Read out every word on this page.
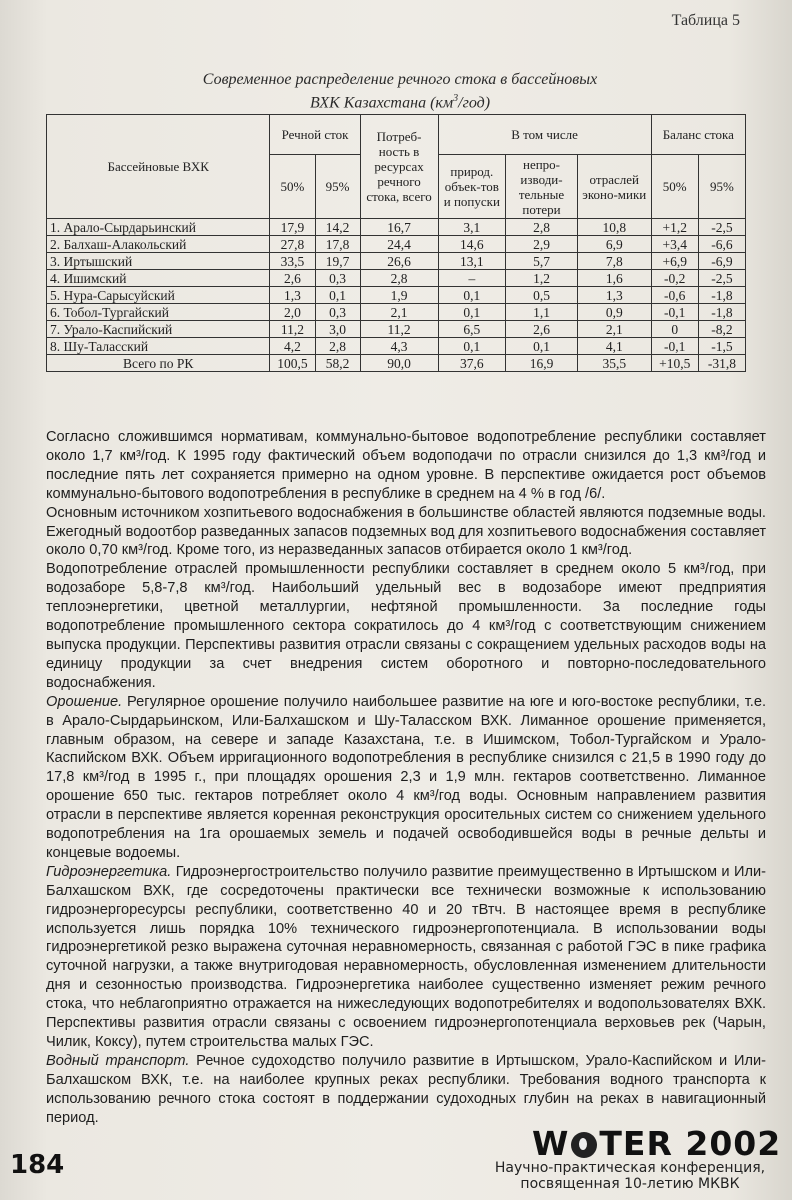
Таблица 5
Современное распределение речного стока в бассейновых
ВХК Казахстана $(км^3/год)$
Бассейновые ВХК	Речной сток		Потреб-ность в ресурсах речного стока, всего	В том числе			Баланс стока	
	50%	95%		природ. объек-тов и попуски	непро-изводи-тельные потери	отраслей эконо-мики	50%	95%
1. Арало-Сырдарьинский	17,9	14,2	16,7	3,1	2,8	10,8	+1,2	-2,5
2. Балхаш-Алакольский	27,8	17,8	24,4	14,6	2,9	6,9	+3,4	-6,6
3. Иртышский	33,5	19,7	26,6	13,1	5,7	7,8	+6,9	-6,9
4. Ишимский	2,6	0,3	2,8	–	1,2	1,6	-0,2	-2,5
5. Нура-Сарысуйский	1,3	0,1	1,9	0,1	0,5	1,3	-0,6	-1,8
6. Тобол-Тургайский	2,0	0,3	2,1	0,1	1,1	0,9	-0,1	-1,8
7. Урало-Каспийский	11,2	3,0	11,2	6,5	2,6	2,1	0	-8,2
8. Шу-Таласский	4,2	2,8	4,3	0,1	0,1	4,1	-0,1	-1,5
Всего по РК	100,5	58,2	90,0	37,6	16,9	35,5	+10,5	-31,8

Согласно сложившимся нормативам, коммунально-бытовое водопотребление республики составляет около 1,7 км³/год. К 1995 году фактический объем водоподачи по отрасли снизился до 1,3 км³/год и последние пять лет сохраняется примерно на одном уровне. В перспективе ожидается рост объемов коммунально-бытового водопотребления в республике в среднем на 4 % в год /6/.

Основным источником хозпитьевого водоснабжения в большинстве областей являются подземные воды. Ежегодный водоотбор разведанных запасов подземных вод для хозпитьевого водоснабжения составляет около 0,70 км³/год. Кроме того, из неразведанных запасов отбирается около 1 км³/год.

Водопотребление отраслей промышленности республики составляет в среднем около 5 км³/год, при водозаборе 5,8-7,8 км³/год. Наибольший удельный вес в водозаборе имеют предприятия теплоэнергетики, цветной металлургии, нефтяной промышленности. За последние годы водопотребление промышленного сектора сократилось до 4 км³/год с соответствующим снижением выпуска продукции. Перспективы развития отрасли связаны с сокращением удельных расходов воды на единицу продукции за счет внедрения систем оборотного и повторно-последовательного водоснабжения.

Орошение. Регулярное орошение получило наибольшее развитие на юге и юго-востоке республики, т.е. в Арало-Сырдарьинском, Или-Балхашском и Шу-Таласском ВХК. Лиманное орошение применяется, главным образом, на севере и западе Казахстана, т.е. в Ишимском, Тобол-Тургайском и Урало-Каспийском ВХК. Объем ирригационного водопотребления в республике снизился с 21,5 в 1990 году до 17,8 км³/год в 1995 г., при площадях орошения 2,3 и 1,9 млн. гектаров соответственно. Лиманное орошение 650 тыс. гектаров потребляет около 4 км³/год воды. Основным направлением развития отрасли в перспективе является коренная реконструкция оросительных систем со снижением удельного водопотребления на 1га орошаемых земель и подачей освободившейся воды в речные дельты и концевые водоемы.

Гидроэнергетика. Гидроэнергостроительство получило развитие преимущественно в Иртышском и Или-Балхашском ВХК, где сосредоточены практически все технически возможные к использованию гидроэнергоресурсы республики, соответственно 40 и 20 тВтч. В настоящее время в республике используется лишь порядка 10% технического гидроэнергопотенциала. В использовании воды гидроэнергетикой резко выражена суточная неравномерность, связанная с работой ГЭС в пике графика суточной нагрузки, а также внутригодовая неравномерность, обусловленная изменением длительности дня и сезонностью производства. Гидроэнергетика наиболее существенно изменяет режим речного стока, что неблагоприятно отражается на нижеследующих водопотребителях и водопользователях ВХК. Перспективы развития отрасли связаны с освоением гидроэнергопотенциала верховьев рек (Чарын, Чилик, Коксу), путем строительства малых ГЭС.

Водный транспорт. Речное судоходство получило развитие в Иртышском, Урало-Каспийском и Или-Балхашском ВХК, т.е. на наиболее крупных реках республики. Требования водного транспорта к использованию речного стока состоят в поддержании судоходных глубин на реках в навигационный период.

184
W TER 2002
Научно-практическая конференция,
посвященная 10-летию МКВК
